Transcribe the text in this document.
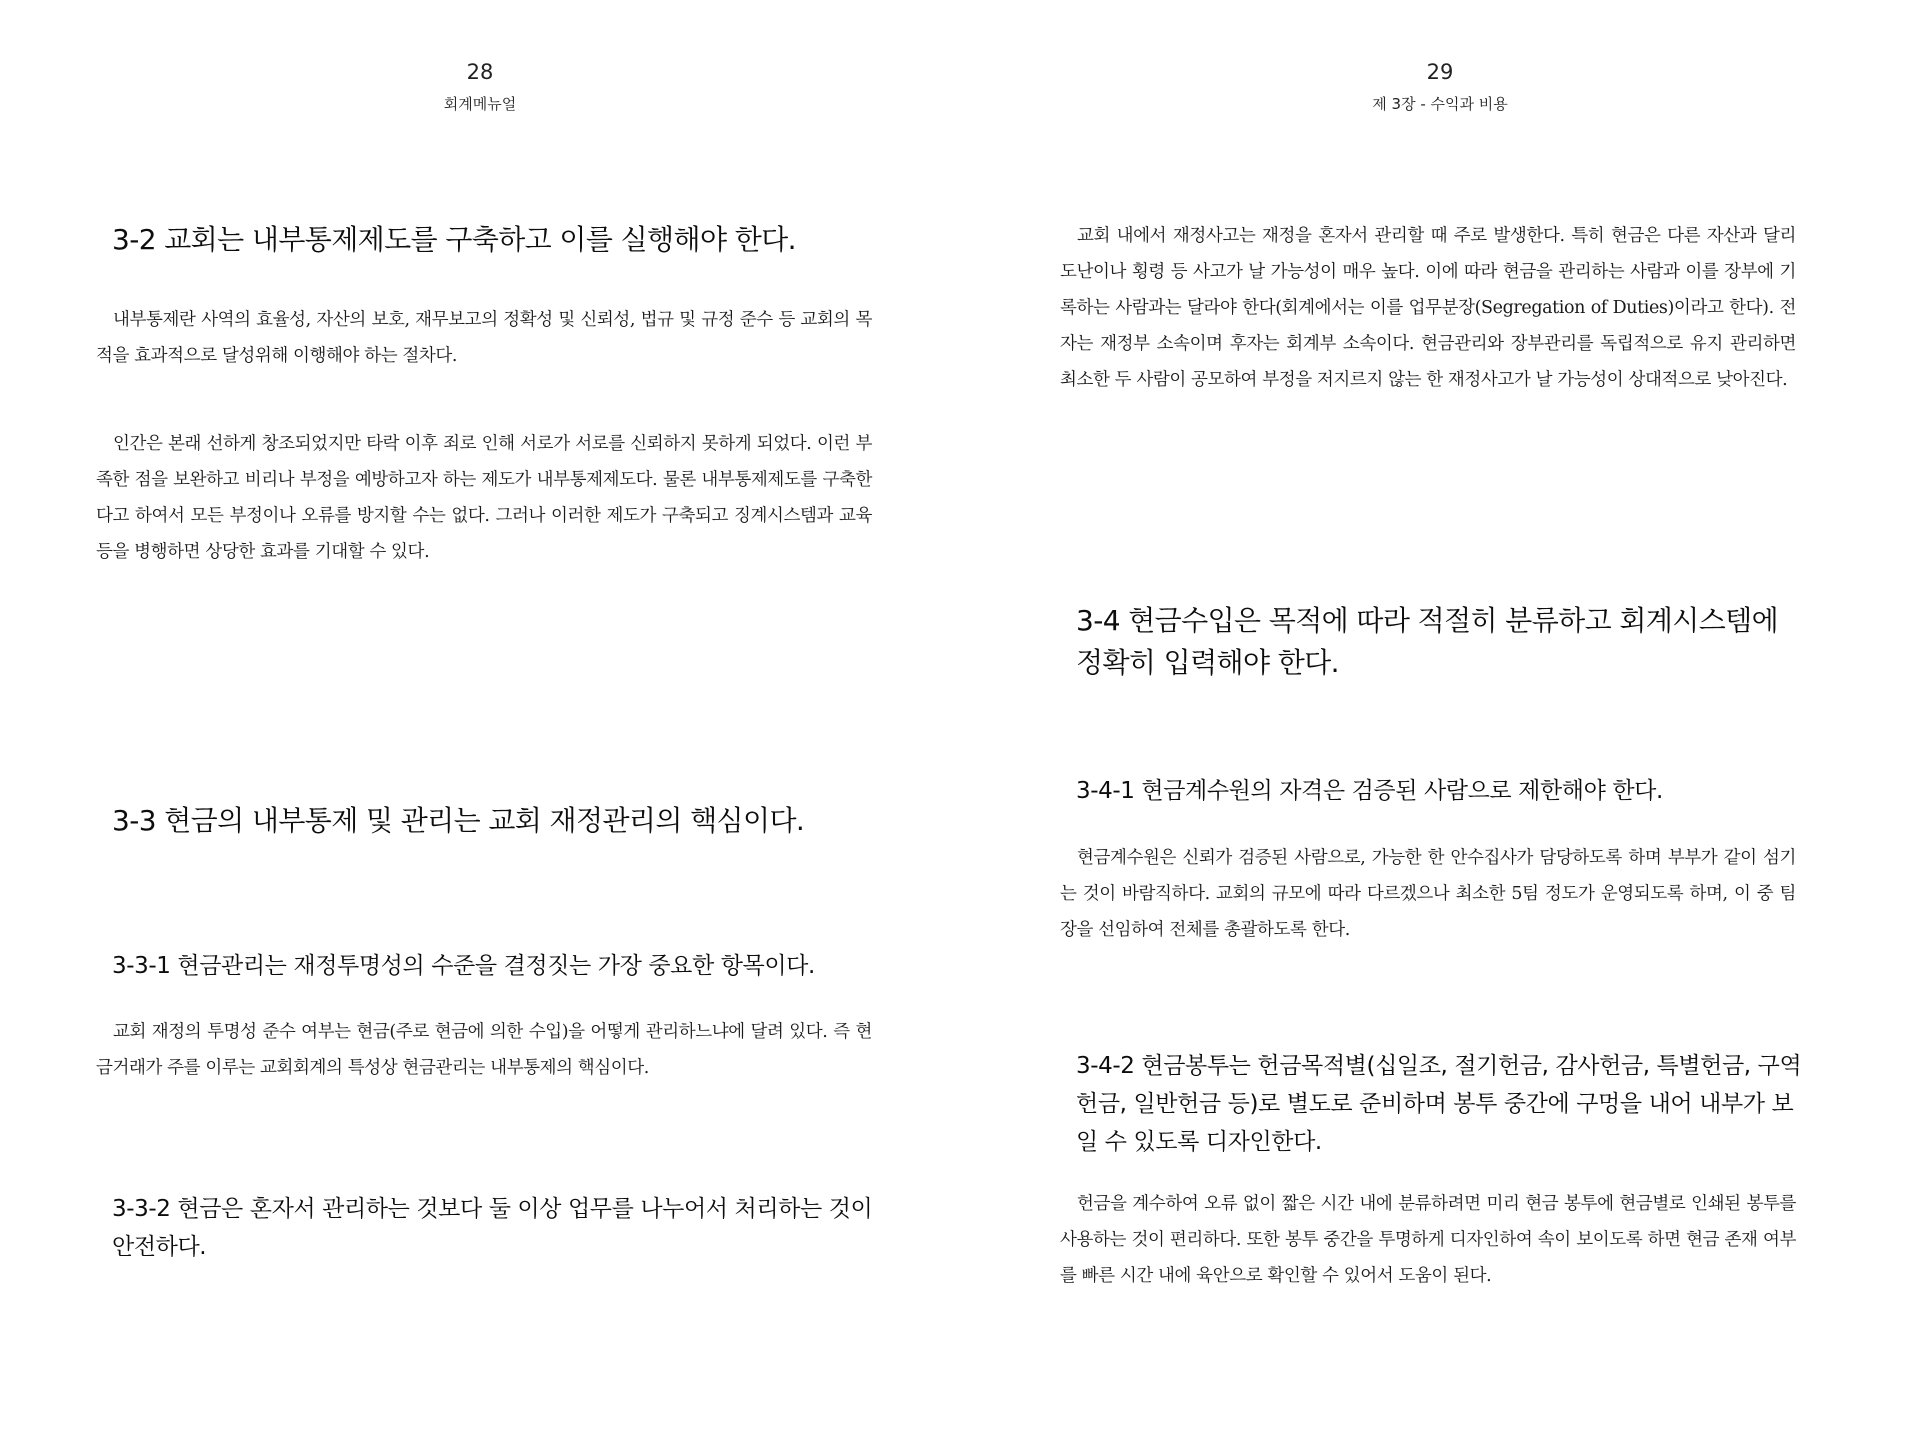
28
회계메뉴얼
3-2 교회는 내부통제제도를 구축하고 이를 실행해야 한다.

내부통제란 사역의 효율성, 자산의 보호, 재무보고의 정확성 및 신뢰성, 법규 및 규정 준수 등 교회의 목적을 효과적으로 달성위해 이행해야 하는 절차다.

인간은 본래 선하게 창조되었지만 타락 이후 죄로 인해 서로가 서로를 신뢰하지 못하게 되었다. 이런 부족한 점을 보완하고 비리나 부정을 예방하고자 하는 제도가 내부통제제도다. 물론 내부통제제도를 구축한다고 하여서 모든 부정이나 오류를 방지할 수는 없다. 그러나 이러한 제도가 구축되고 징계시스템과 교육 등을 병행하면 상당한 효과를 기대할 수 있다.

3-3 현금의 내부통제 및 관리는 교회 재정관리의 핵심이다.
3-3-1 현금관리는 재정투명성의 수준을 결정짓는 가장 중요한 항목이다.

교회 재정의 투명성 준수 여부는 현금(주로 현금에 의한 수입)을 어떻게 관리하느냐에 달려 있다. 즉 현금거래가 주를 이루는 교회회계의 특성상 현금관리는 내부통제의 핵심이다.

3-3-2 현금은 혼자서 관리하는 것보다 둘 이상 업무를 나누어서 처리하는 것이 안전하다.
29
제 3장 - 수익과 비용

교회 내에서 재정사고는 재정을 혼자서 관리할 때 주로 발생한다. 특히 현금은 다른 자산과 달리 도난이나 횡령 등 사고가 날 가능성이 매우 높다. 이에 따라 현금을 관리하는 사람과 이를 장부에 기록하는 사람과는 달라야 한다(회계에서는 이를 업무분장(Segregation of Duties)이라고 한다). 전자는 재정부 소속이며 후자는 회계부 소속이다. 현금관리와 장부관리를 독립적으로 유지 관리하면 최소한 두 사람이 공모하여 부정을 저지르지 않는 한 재정사고가 날 가능성이 상대적으로 낮아진다.

3-4 현금수입은 목적에 따라 적절히 분류하고 회계시스템에 정확히 입력해야 한다.
3-4-1 현금계수원의 자격은 검증된 사람으로 제한해야 한다.

현금계수원은 신뢰가 검증된 사람으로, 가능한 한 안수집사가 담당하도록 하며 부부가 같이 섬기는 것이 바람직하다. 교회의 규모에 따라 다르겠으나 최소한 5팀 정도가 운영되도록 하며, 이 중 팀장을 선임하여 전체를 총괄하도록 한다.

3-4-2 현금봉투는 헌금목적별(십일조, 절기헌금, 감사헌금, 특별헌금, 구역헌금, 일반헌금 등)로 별도로 준비하며 봉투 중간에 구멍을 내어 내부가 보일 수 있도록 디자인한다.

헌금을 계수하여 오류 없이 짧은 시간 내에 분류하려면 미리 현금 봉투에 현금별로 인쇄된 봉투를 사용하는 것이 편리하다. 또한 봉투 중간을 투명하게 디자인하여 속이 보이도록 하면 현금 존재 여부를 빠른 시간 내에 육안으로 확인할 수 있어서 도움이 된다.
